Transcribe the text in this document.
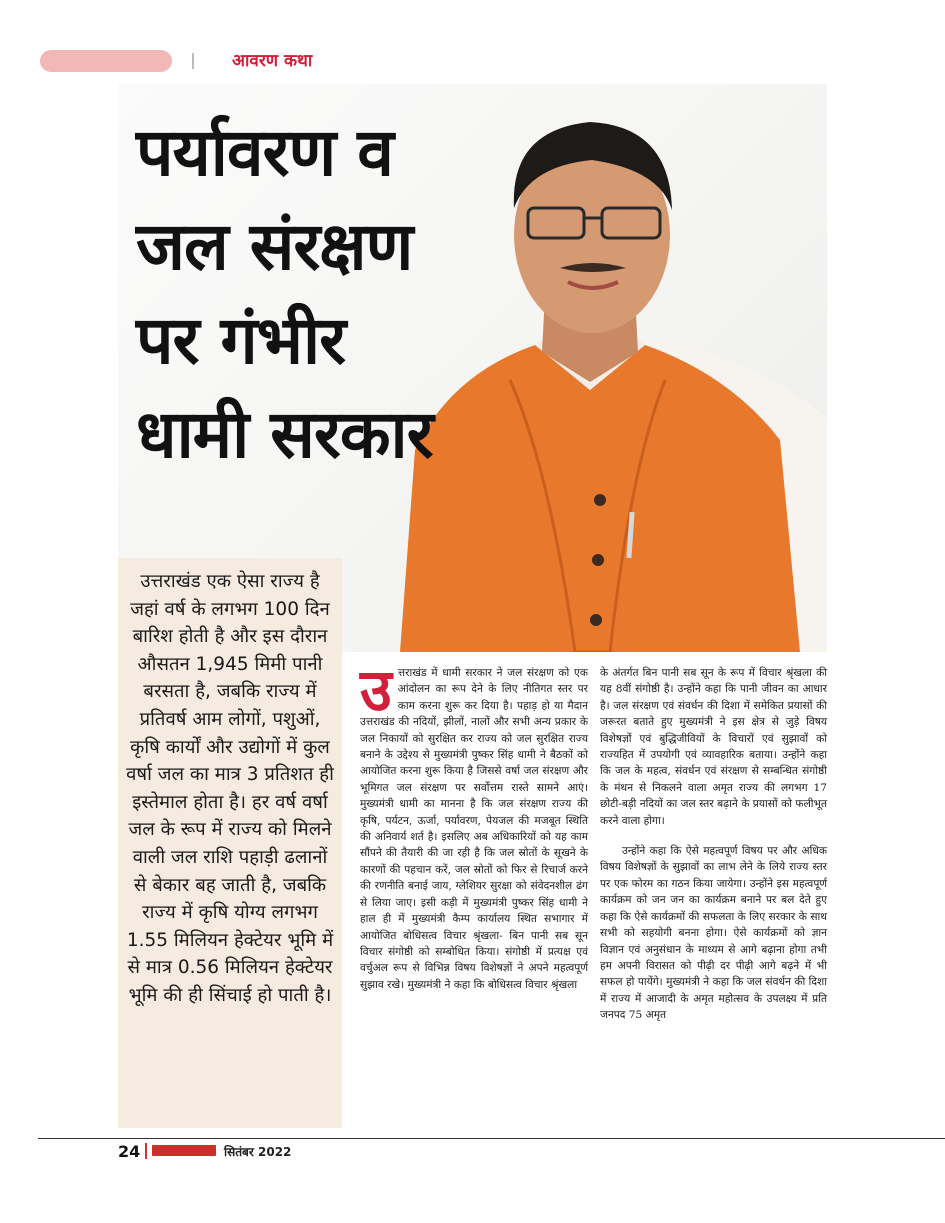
आवरण कथा
पर्यावरण व
जल संरक्षण
पर गंभीर
धामी सरकार

उत्तराखंड एक ऐसा राज्य है जहां वर्ष के लगभग 100 दिन बारिश होती है और इस दौरान औसतन 1,945 मिमी पानी बरसता है, जबकि राज्य में प्रतिवर्ष आम लोगों, पशुओं, कृषि कार्यों और उद्योगों में कुल वर्षा जल का मात्र 3 प्रतिशत ही इस्तेमाल होता है। हर वर्ष वर्षा जल के रूप में राज्य को मिलने वाली जल राशि पहाड़ी ढलानों से बेकार बह जाती है, जबकि राज्य में कृषि योग्य लगभग 1.55 मिलियन हेक्टेयर भूमि में से मात्र 0.56 मिलियन हेक्टेयर भूमि की ही सिंचाई हो पाती है।

उ त्तराखंड में धामी सरकार ने जल संरक्षण को एक आंदोलन का रूप देने के लिए नीतिगत स्तर पर काम करना शुरू कर दिया है। पहाड़ हो या मैदान उत्तराखंड की नदियों, झीलों, नालों और सभी अन्य प्रकार के जल निकायों को सुरक्षित कर राज्य को जल सुरक्षित राज्य बनाने के उद्देश्य से मुख्यमंत्री पुष्कर सिंह धामी ने बैठकों को आयोजित करना शुरू किया है जिससे वर्षा जल संरक्षण और भूमिगत जल संरक्षण पर सर्वोत्तम रास्ते सामने आएं। मुख्यमंत्री धामी का मानना है कि जल संरक्षण राज्य की कृषि, पर्यटन, ऊर्जा, पर्यावरण, पेयजल की मजबूत स्थिति की अनिवार्य शर्त है। इसलिए अब अधिकारियों को यह काम सौंपने की तैयारी की जा रही है कि जल स्रोतों के सूखने के कारणों की पहचान करें, जल स्रोतों को फिर से रिचार्ज करने की रणनीति बनाई जाय, ग्लेशियर सुरक्षा को संवेदनशील ढंग से लिया जाए। इसी कड़ी में मुख्यमंत्री पुष्कर सिंह धामी ने हाल ही में मुख्यमंत्री कैम्प कार्यालय स्थित सभागार में आयोजित बोधिसत्व विचार श्रृंखला- बिन पानी सब सून विचार संगोष्ठी को सम्बोधित किया। संगोष्ठी में प्रत्यक्ष एवं वर्चुअल रूप से विभिन्न विषय विशेषज्ञों ने अपने महत्वपूर्ण सुझाव रखे। मुख्यमंत्री ने कहा कि बोधिसत्व विचार श्रृंखला

के अंतर्गत बिन पानी सब सून के रूप में विचार श्रृंखला की यह 8वीं संगोष्ठी है। उन्होंने कहा कि पानी जीवन का आधार है। जल संरक्षण एवं संवर्धन की दिशा में समेकित प्रयासों की जरूरत बताते हुए मुख्यमंत्री ने इस क्षेत्र से जुड़े विषय विशेषज्ञों एवं बुद्धिजीवियों के विचारों एवं सुझावों को राज्यहित में उपयोगी एवं व्यावहारिक बताया। उन्होंने कहा कि जल के महत्व, संवर्धन एवं संरक्षण से सम्बन्धित संगोष्ठी के मंथन से निकलने वाला अमृत राज्य की लगभग 17 छोटी-बड़ी नदियों का जल स्तर बढ़ाने के प्रयासों को फलीभूत करने वाला होगा।

उन्होंने कहा कि ऐसे महत्वपूर्ण विषय पर और अधिक विषय विशेषज्ञों के सुझावों का लाभ लेने के लिये राज्य स्तर पर एक फोरम का गठन किया जायेगा। उन्होंने इस महत्वपूर्ण कार्यक्रम को जन जन का कार्यक्रम बनाने पर बल देते हुए कहा कि ऐसे कार्यक्रमों की सफलता के लिए सरकार के साथ सभी को सहयोगी बनना होगा। ऐसे कार्यक्रमों को ज्ञान विज्ञान एवं अनुसंधान के माध्यम से आगे बढ़ाना होगा तभी हम अपनी विरासत को पीढ़ी दर पीढ़ी आगे बढ़ने में भी सफल हो पायेंगे। मुख्यमंत्री ने कहा कि जल संवर्धन की दिशा में राज्य में आजादी के अमृत महोत्सव के उपलक्ष्य में प्रति जनपद 75 अमृत

24	सितंबर 2022
